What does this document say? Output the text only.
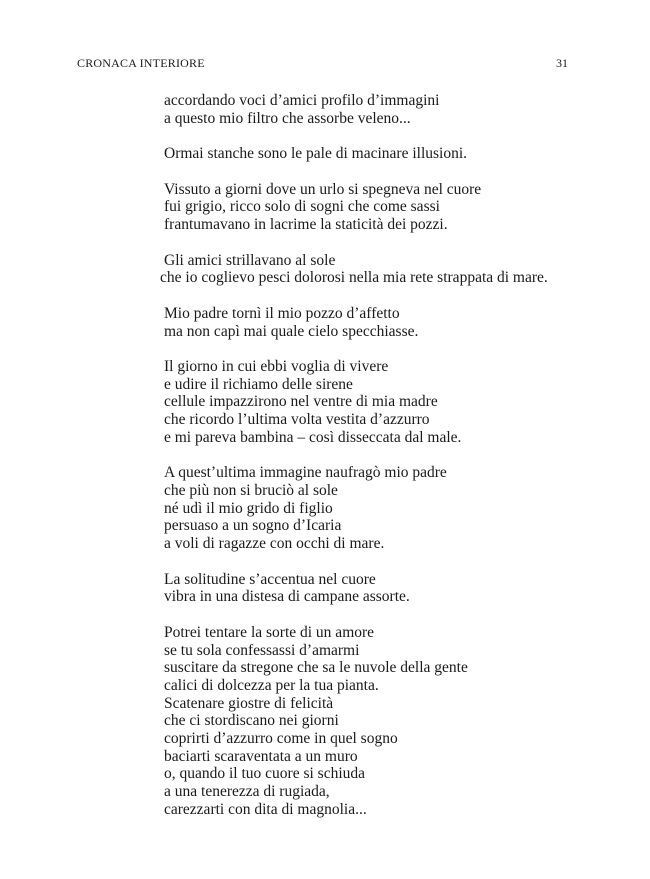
CRONACA INTERIORE	31
accordando voci d’amici profilo d’immagini
a questo mio filtro che assorbe veleno...
Ormai stanche sono le pale di macinare illusioni.
Vissuto a giorni dove un urlo si spegneva nel cuore
fui grigio, ricco solo di sogni che come sassi
frantumavano in lacrime la staticità dei pozzi.
Gli amici strillavano al sole
che io coglievo pesci dolorosi nella mia rete strappata di mare.
Mio padre tornì il mio pozzo d’affetto
ma non capì mai quale cielo specchiasse.
Il giorno in cui ebbi voglia di vivere
e udire il richiamo delle sirene
cellule impazzirono nel ventre di mia madre
che ricordo l’ultima volta vestita d’azzurro
e mi pareva bambina – così disseccata dal male.
A quest’ultima immagine naufragò mio padre
che più non si bruciò al sole
né udì il mio grido di figlio
persuaso a un sogno d’Icaria
a voli di ragazze con occhi di mare.
La solitudine s’accentua nel cuore
vibra in una distesa di campane assorte.
Potrei tentare la sorte di un amore
se tu sola confessassi d’amarmi
suscitare da stregone che sa le nuvole della gente
calici di dolcezza per la tua pianta.
Scatenare giostre di felicità
che ci stordiscano nei giorni
coprirti d’azzurro come in quel sogno
baciarti scaraventata a un muro
o, quando il tuo cuore si schiuda
a una tenerezza di rugiada,
carezzarti con dita di magnolia...
